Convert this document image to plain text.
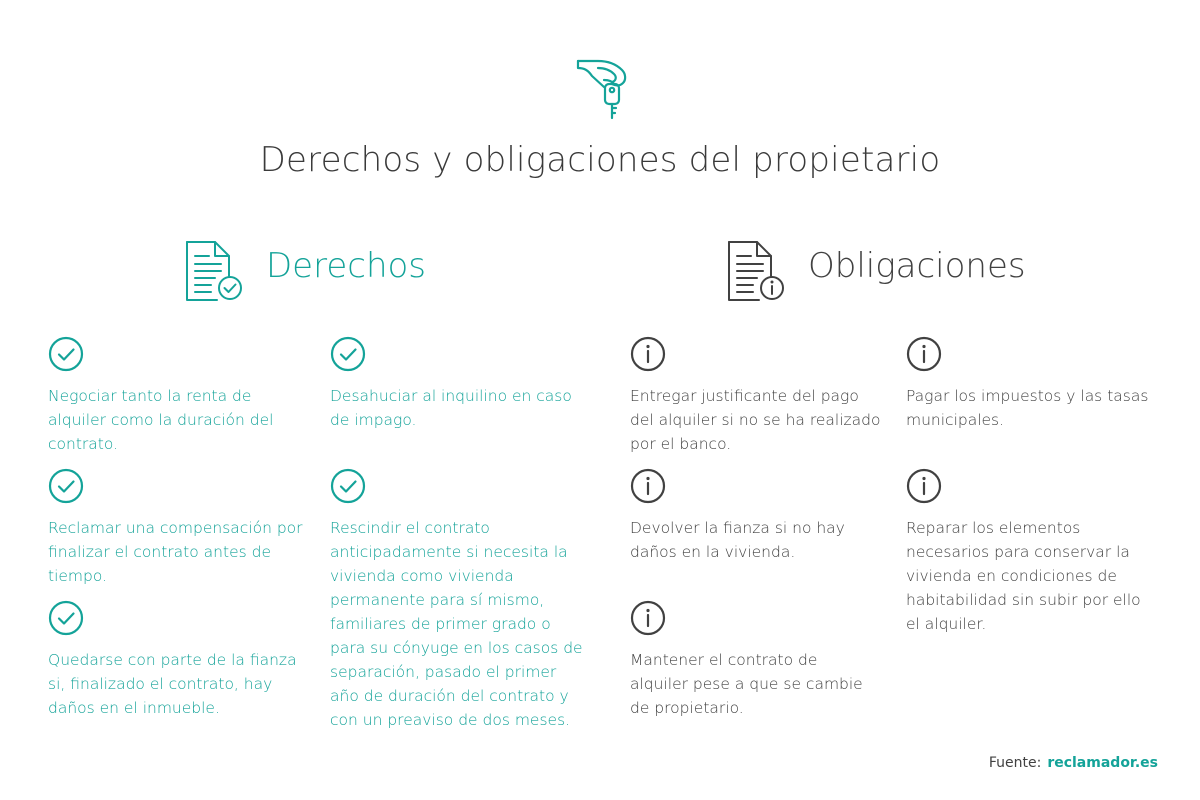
Derechos y obligaciones del propietario
Derechos	Obligaciones
Negociar tanto la renta de alquiler como la duración del contrato.
Reclamar una compensación por finalizar el contrato antes de tiempo.
Quedarse con parte de la fianza si, finalizado el contrato, hay daños en el inmueble.
Desahuciar al inquilino en caso de impago.
Rescindir el contrato anticipadamente si necesita la vivienda como vivienda permanente para sí mismo, familiares de primer grado o para su cónyuge en los casos de separación, pasado el primer año de duración del contrato y con un preaviso de dos meses.
Entregar justificante del pago del alquiler si no se ha realizado por el banco.
Devolver la fianza si no hay daños en la vivienda.
Mantener el contrato de alquiler pese a que se cambie de propietario.
Pagar los impuestos y las tasas municipales.
Reparar los elementos necesarios para conservar la vivienda en condiciones de habitabilidad sin subir por ello el alquiler.
Fuente: reclamador.es
